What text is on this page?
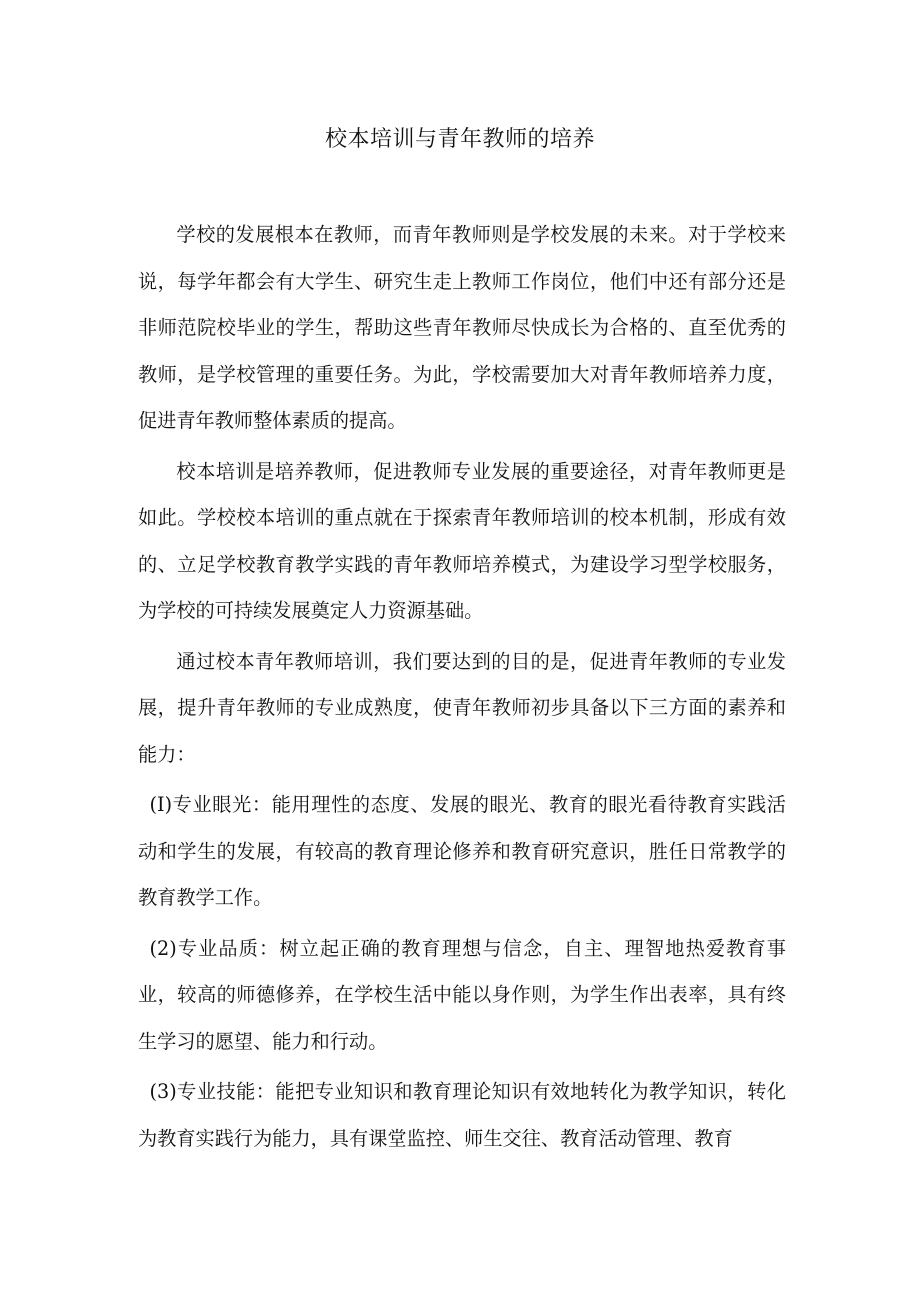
校本培训与青年教师的培养

学校的发展根本在教师，而青年教师则是学校发展的未来。对于学校来说，每学年都会有大学生、研究生走上教师工作岗位，他们中还有部分还是非师范院校毕业的学生，帮助这些青年教师尽快成长为合格的、直至优秀的教师，是学校管理的重要任务。为此，学校需要加大对青年教师培养力度，促进青年教师整体素质的提高。

校本培训是培养教师，促进教师专业发展的重要途径，对青年教师更是如此。学校校本培训的重点就在于探索青年教师培训的校本机制，形成有效的、立足学校教育教学实践的青年教师培养模式，为建设学习型学校服务，为学校的可持续发展奠定人力资源基础。

通过校本青年教师培训，我们要达到的目的是，促进青年教师的专业发展，提升青年教师的专业成熟度，使青年教师初步具备以下三方面的素养和能力：

(I)专业眼光：能用理性的态度、发展的眼光、教育的眼光看待教育实践活动和学生的发展，有较高的教育理论修养和教育研究意识，胜任日常教学的教育教学工作。

(2)专业品质：树立起正确的教育理想与信念，自主、理智地热爱教育事业，较高的师德修养，在学校生活中能以身作则，为学生作出表率，具有终生学习的愿望、能力和行动。

(3)专业技能：能把专业知识和教育理论知识有效地转化为教学知识，转化为教育实践行为能力，具有课堂监控、师生交往、教育活动管理、教育
